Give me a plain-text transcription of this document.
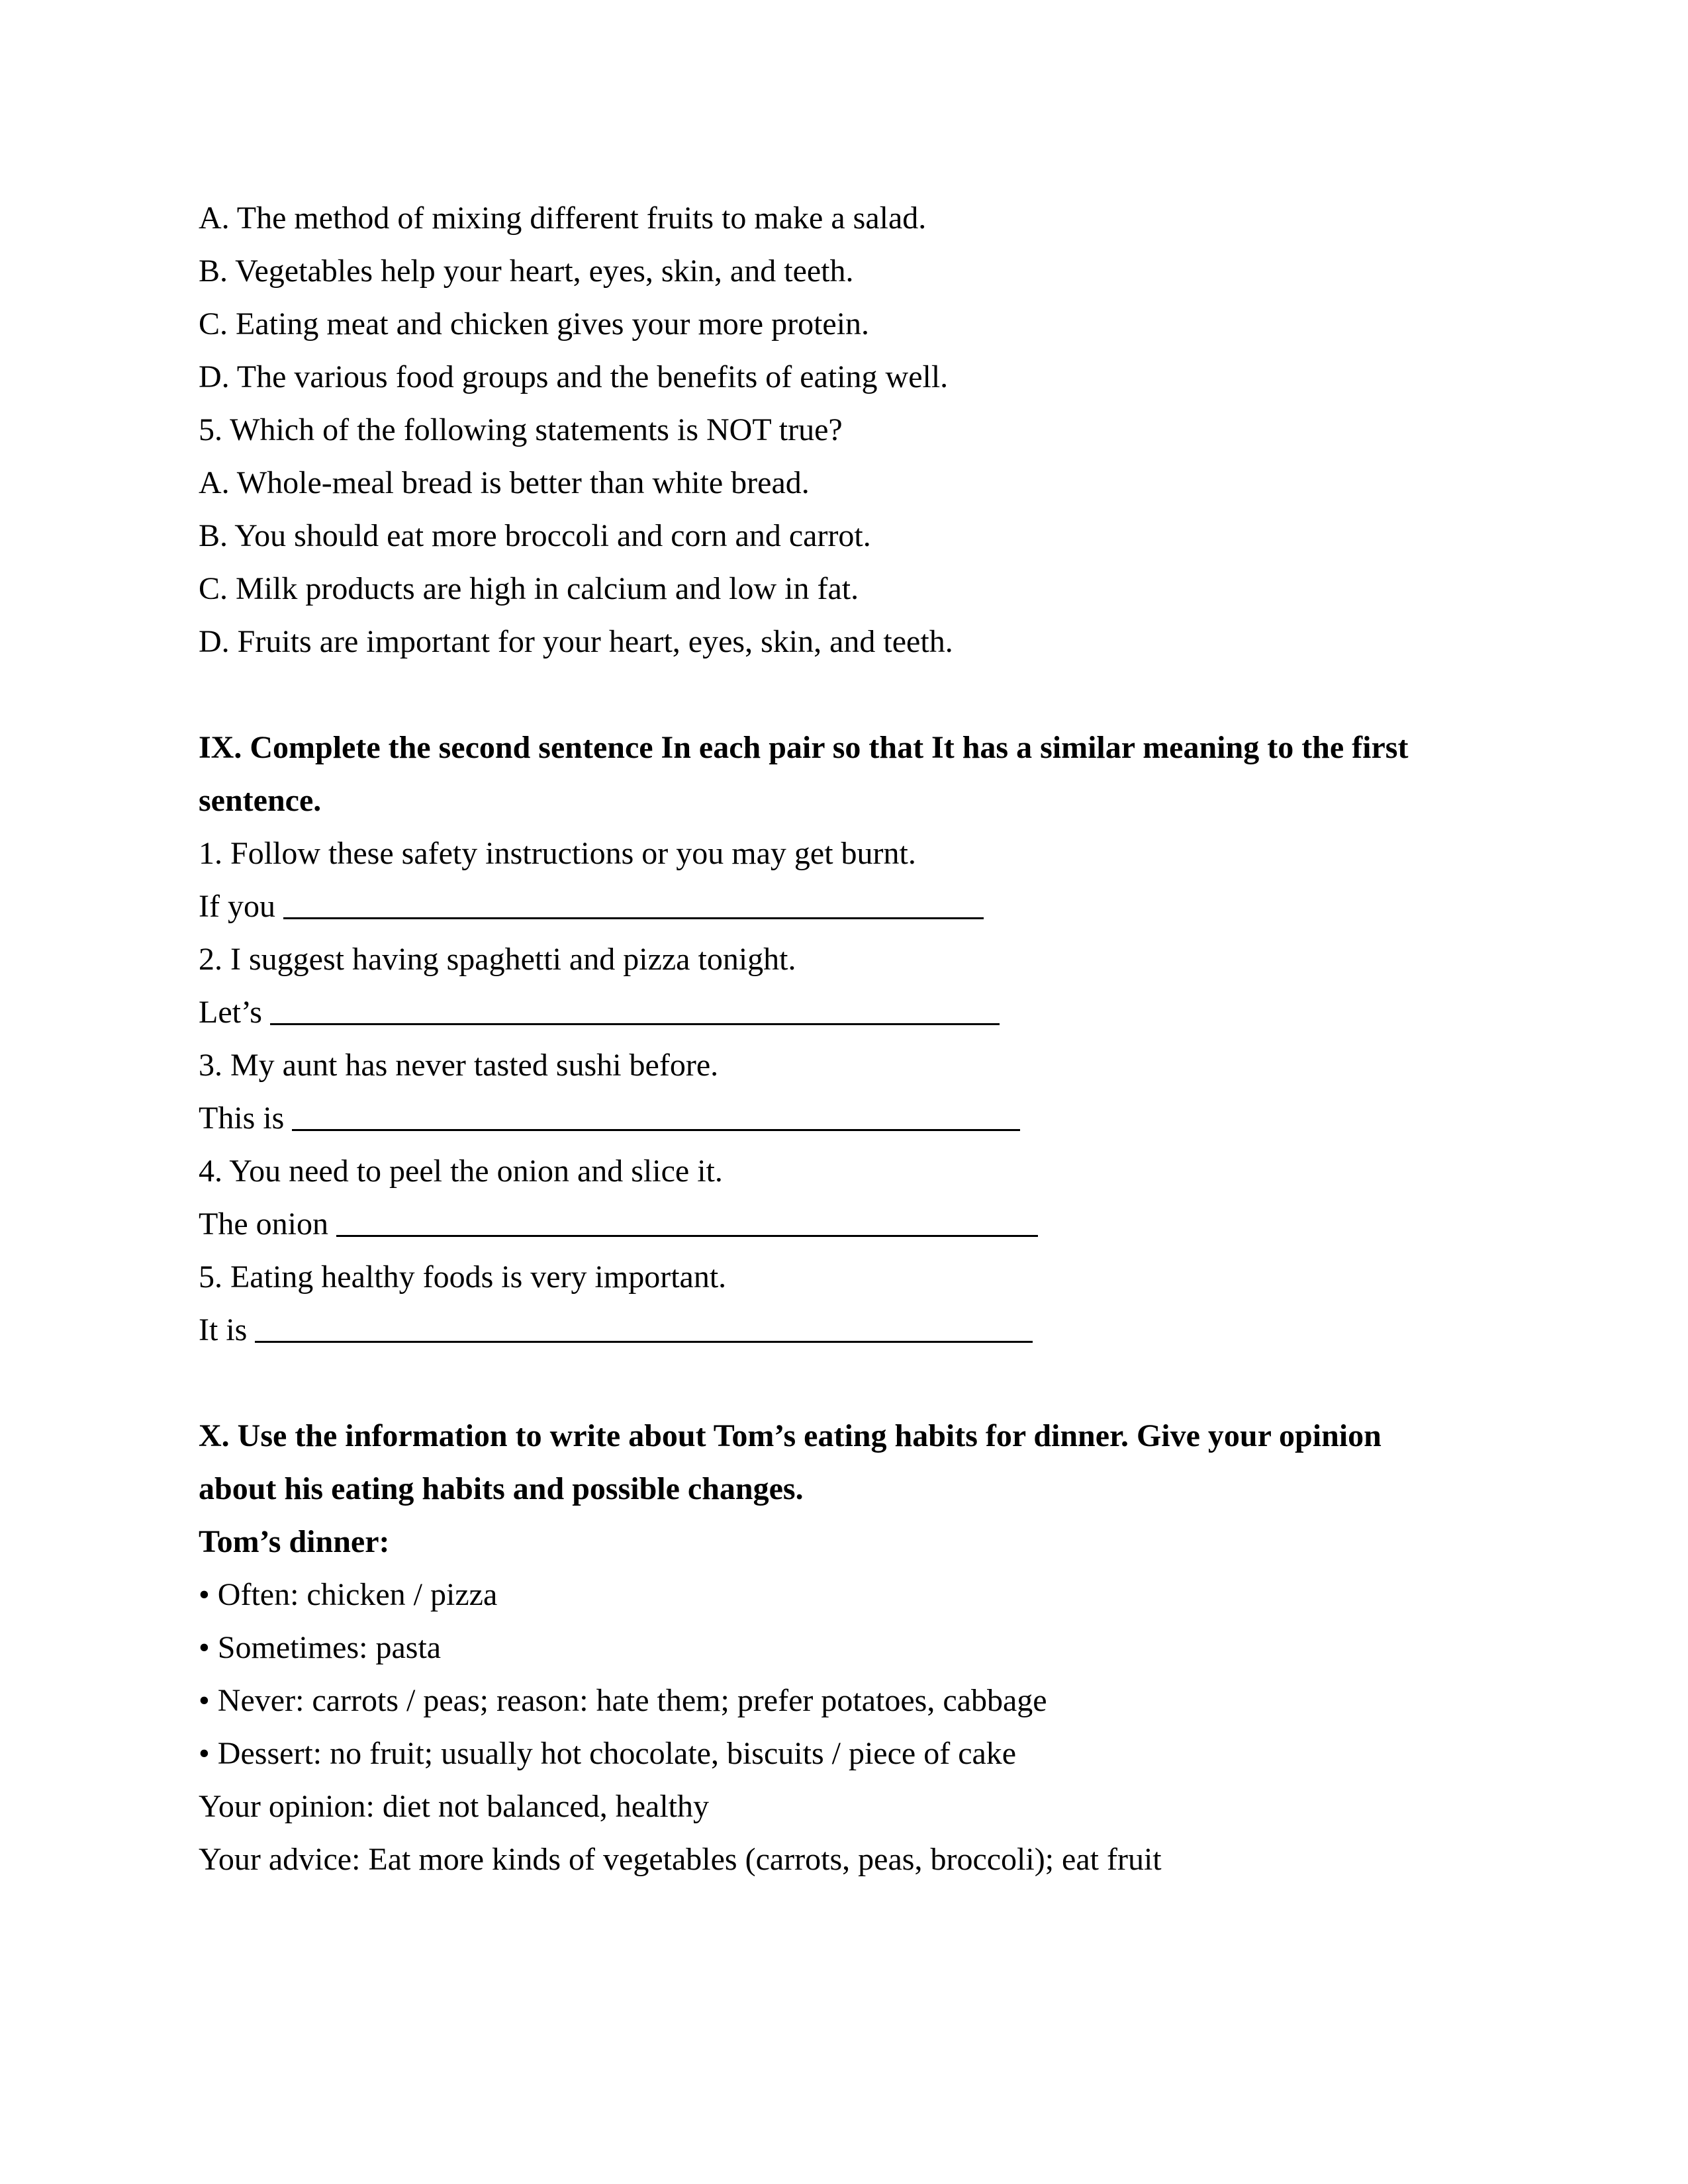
A. The method of mixing different fruits to make a salad.
B. Vegetables help your heart, eyes, skin, and teeth.
C. Eating meat and chicken gives your more protein.
D. The various food groups and the benefits of eating well.
5. Which of the following statements is NOT true?
A. Whole-meal bread is better than white bread.
B. You should eat more broccoli and corn and carrot.
C. Milk products are high in calcium and low in fat.
D. Fruits are important for your heart, eyes, skin, and teeth.
IX. Complete the second sentence In each pair so that It has a similar meaning to the first
sentence.
1. Follow these safety instructions or you may get burnt.
If you
2. I suggest having spaghetti and pizza tonight.
Let’s
3. My aunt has never tasted sushi before.
This is
4. You need to peel the onion and slice it.
The onion
5. Eating healthy foods is very important.
It is
X. Use the information to write about Tom’s eating habits for dinner. Give your opinion
about his eating habits and possible changes.
Tom’s dinner:
• Often: chicken / pizza
• Sometimes: pasta
• Never: carrots / peas; reason: hate them; prefer potatoes, cabbage
• Dessert: no fruit; usually hot chocolate, biscuits / piece of cake
Your opinion: diet not balanced, healthy
Your advice: Eat more kinds of vegetables (carrots, peas, broccoli); eat fruit
